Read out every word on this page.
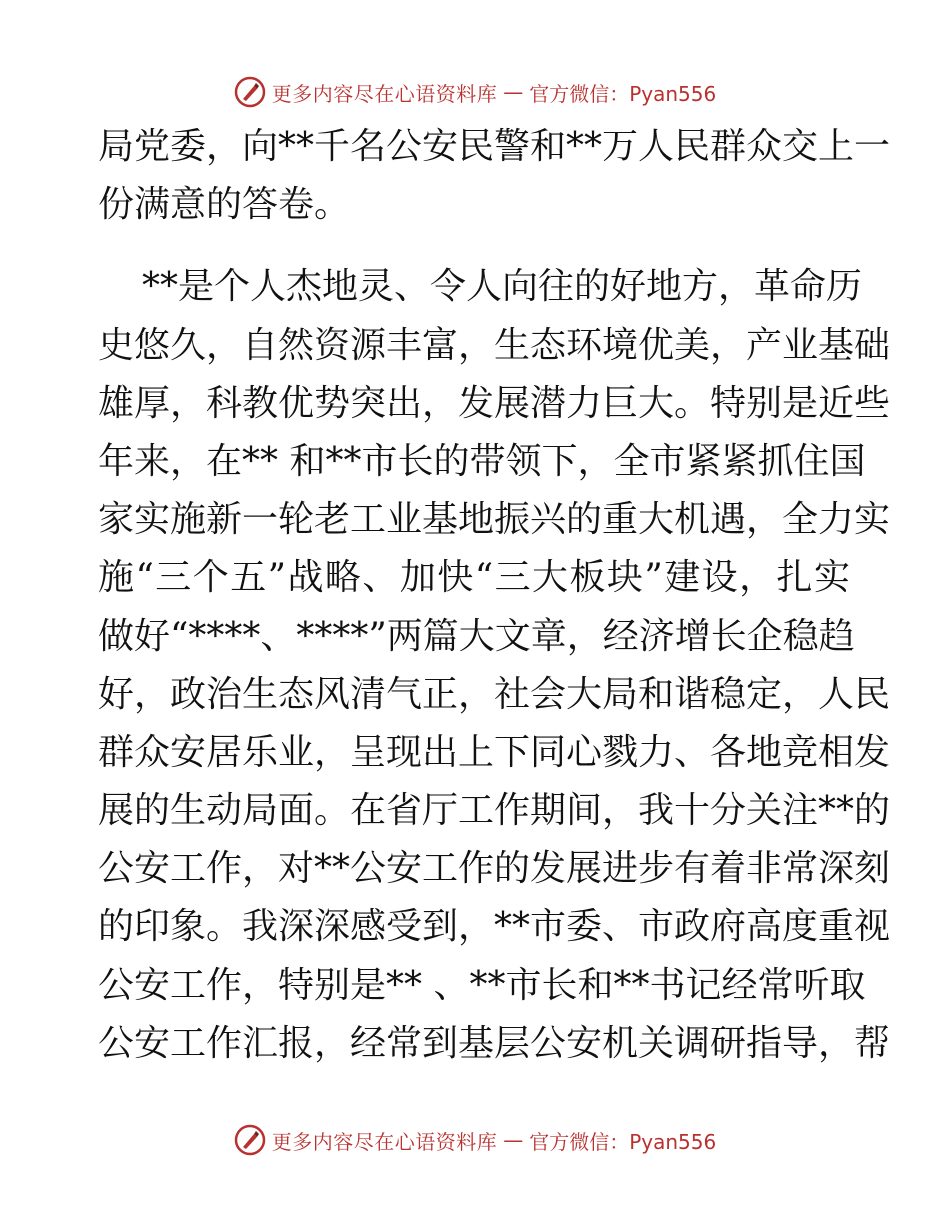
更多内容尽在心语资料库 — 官方微信：Pyan556
局党委，向**千名公安民警和**万人民群众交上一
份满意的答卷。
**是个人杰地灵、令人向往的好地方，革命历
史悠久，自然资源丰富，生态环境优美，产业基础
雄厚，科教优势突出，发展潜力巨大。特别是近些
年来，在** 和**市长的带领下，全市紧紧抓住国
家实施新一轮老工业基地振兴的重大机遇，全力实
施“三个五”战略、加快“三大板块”建设，扎实
做好“****、****”两篇大文章，经济增长企稳趋
好，政治生态风清气正，社会大局和谐稳定，人民
群众安居乐业，呈现出上下同心戮力、各地竞相发
展的生动局面。在省厅工作期间，我十分关注**的
公安工作，对**公安工作的发展进步有着非常深刻
的印象。我深深感受到，**市委、市政府高度重视
公安工作，特别是** 、**市长和**书记经常听取
公安工作汇报，经常到基层公安机关调研指导，帮
更多内容尽在心语资料库 — 官方微信：Pyan556
